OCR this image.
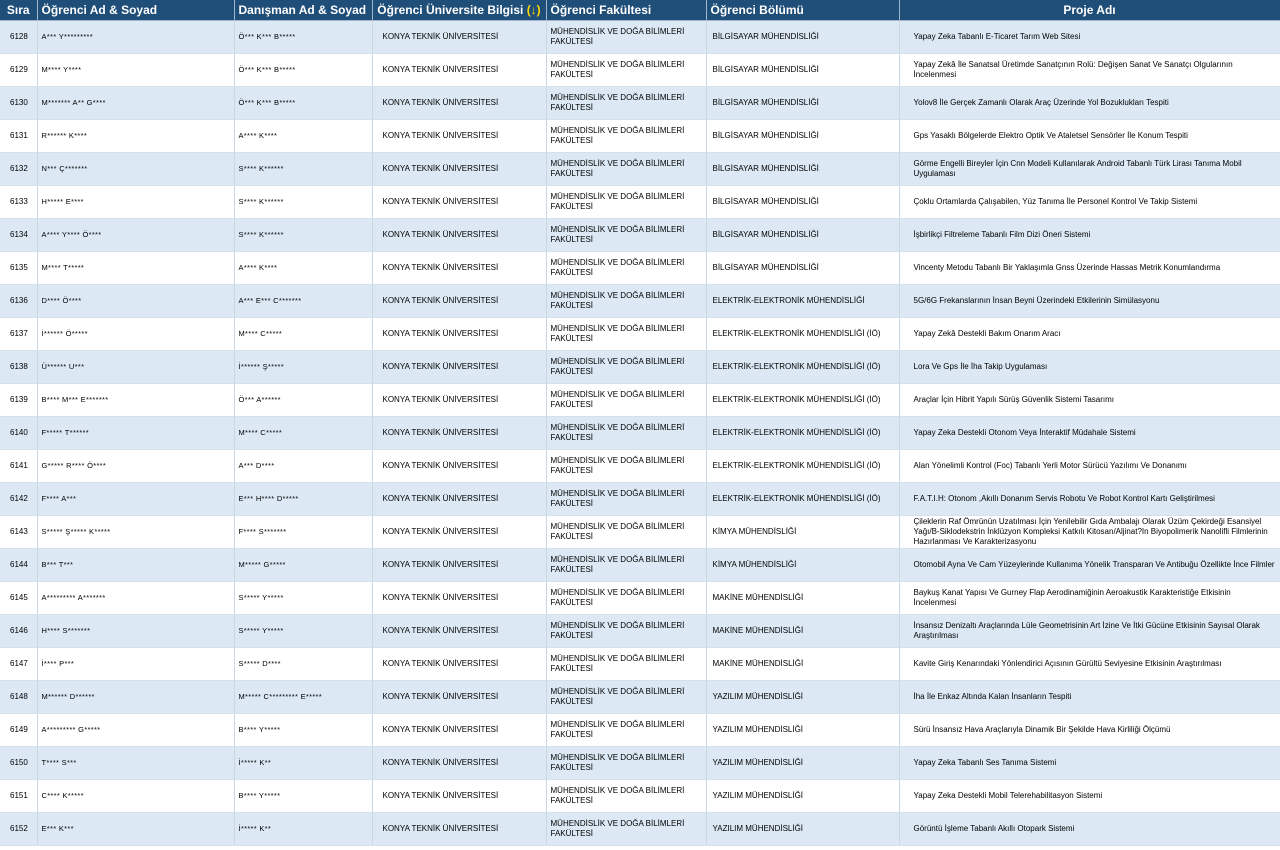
Sıra	Öğrenci Ad & Soyad	Danışman Ad & Soyad	Öğrenci Üniversite Bilgisi (↓)	Öğrenci Fakültesi	Öğrenci Bölümü	Proje Adı
6128	A*** Y*********	Ö*** K*** B*****	KONYA TEKNİK ÜNİVERSİTESİ	MÜHENDİSLİK VE DOĞA BİLİMLERİ FAKÜLTESİ	BİLGİSAYAR MÜHENDİSLİĞİ	Yapay Zeka Tabanlı E-Ticaret Tarım Web Sitesi
6129	M**** Y****	Ö*** K*** B*****	KONYA TEKNİK ÜNİVERSİTESİ	MÜHENDİSLİK VE DOĞA BİLİMLERİ FAKÜLTESİ	BİLGİSAYAR MÜHENDİSLİĞİ	Yapay Zekâ İle Sanatsal Üretimde Sanatçının Rolü: Değişen Sanat Ve Sanatçı Olgularının İncelenmesi
6130	M******* A** G****	Ö*** K*** B*****	KONYA TEKNİK ÜNİVERSİTESİ	MÜHENDİSLİK VE DOĞA BİLİMLERİ FAKÜLTESİ	BİLGİSAYAR MÜHENDİSLİĞİ	Yolov8 İle Gerçek Zamanlı Olarak Araç Üzerinde Yol Bozuklukları Tespiti
6131	R****** K****	A**** K****	KONYA TEKNİK ÜNİVERSİTESİ	MÜHENDİSLİK VE DOĞA BİLİMLERİ FAKÜLTESİ	BİLGİSAYAR MÜHENDİSLİĞİ	Gps Yasaklı Bölgelerde Elektro Optik Ve Ataletsel Sensörler İle Konum Tespiti
6132	N*** Ç*******	S**** K******	KONYA TEKNİK ÜNİVERSİTESİ	MÜHENDİSLİK VE DOĞA BİLİMLERİ FAKÜLTESİ	BİLGİSAYAR MÜHENDİSLİĞİ	Görme Engelli Bireyler İçin Cnn Modeli Kullanılarak Android Tabanlı Türk Lirası Tanıma Mobil Uygulaması
6133	H***** E****	S**** K******	KONYA TEKNİK ÜNİVERSİTESİ	MÜHENDİSLİK VE DOĞA BİLİMLERİ FAKÜLTESİ	BİLGİSAYAR MÜHENDİSLİĞİ	Çoklu Ortamlarda Çalışabilen, Yüz Tanıma İle Personel Kontrol Ve Takip Sistemi
6134	A**** Y**** Ö****	S**** K******	KONYA TEKNİK ÜNİVERSİTESİ	MÜHENDİSLİK VE DOĞA BİLİMLERİ FAKÜLTESİ	BİLGİSAYAR MÜHENDİSLİĞİ	İşbirlikçi Filtreleme Tabanlı Film Dizi Öneri Sistemi
6135	M**** T*****	A**** K****	KONYA TEKNİK ÜNİVERSİTESİ	MÜHENDİSLİK VE DOĞA BİLİMLERİ FAKÜLTESİ	BİLGİSAYAR MÜHENDİSLİĞİ	Vincenty Metodu Tabanlı Bir Yaklaşımla Gnss Üzerinde Hassas Metrik Konumlandırma
6136	D**** Ö****	A*** E*** C*******	KONYA TEKNİK ÜNİVERSİTESİ	MÜHENDİSLİK VE DOĞA BİLİMLERİ FAKÜLTESİ	ELEKTRİK-ELEKTRONİK MÜHENDİSLİĞİ	5G/6G Frekanslarının İnsan Beyni Üzerindeki Etkilerinin Simülasyonu
6137	İ****** Ö*****	M**** C*****	KONYA TEKNİK ÜNİVERSİTESİ	MÜHENDİSLİK VE DOĞA BİLİMLERİ FAKÜLTESİ	ELEKTRİK-ELEKTRONİK MÜHENDİSLİĞİ (İÖ)	Yapay Zekâ Destekli Bakım Onarım Aracı
6138	Ü****** U***	İ****** Ş*****	KONYA TEKNİK ÜNİVERSİTESİ	MÜHENDİSLİK VE DOĞA BİLİMLERİ FAKÜLTESİ	ELEKTRİK-ELEKTRONİK MÜHENDİSLİĞİ (İÖ)	Lora Ve Gps İle İha Takip Uygulaması
6139	B**** M*** E*******	Ö*** A******	KONYA TEKNİK ÜNİVERSİTESİ	MÜHENDİSLİK VE DOĞA BİLİMLERİ FAKÜLTESİ	ELEKTRİK-ELEKTRONİK MÜHENDİSLİĞİ (İÖ)	Araçlar İçin Hibrit Yapılı Sürüş Güvenlik Sistemi Tasarımı
6140	F***** T******	M**** C*****	KONYA TEKNİK ÜNİVERSİTESİ	MÜHENDİSLİK VE DOĞA BİLİMLERİ FAKÜLTESİ	ELEKTRİK-ELEKTRONİK MÜHENDİSLİĞİ (İÖ)	Yapay Zeka Destekli Otonom Veya İnteraktif Müdahale Sistemi
6141	G***** R**** Ö****	A*** D****	KONYA TEKNİK ÜNİVERSİTESİ	MÜHENDİSLİK VE DOĞA BİLİMLERİ FAKÜLTESİ	ELEKTRİK-ELEKTRONİK MÜHENDİSLİĞİ (İÖ)	Alan Yönelimli Kontrol (Foc) Tabanlı Yerli Motor Sürücü Yazılımı Ve Donanımı
6142	F**** A***	E*** H**** D*****	KONYA TEKNİK ÜNİVERSİTESİ	MÜHENDİSLİK VE DOĞA BİLİMLERİ FAKÜLTESİ	ELEKTRİK-ELEKTRONİK MÜHENDİSLİĞİ (İÖ)	F.A.T.I.H: Otonom ,Akıllı Donanım Servis Robotu Ve Robot Kontrol Kartı Geliştirilmesi
6143	S***** Ş***** K*****	F**** S*******	KONYA TEKNİK ÜNİVERSİTESİ	MÜHENDİSLİK VE DOĞA BİLİMLERİ FAKÜLTESİ	KİMYA MÜHENDİSLİĞİ	Çileklerin Raf Ömrünün Uzatılması İçin Yenilebilir Gıda Ambalajı Olarak Üzüm Çekirdeği Esansiyel Yağı/Β-Siklodekstrin İnklüzyon Kompleksi Katkılı Kitosan/Aljinat?In Biyopolimerik Nanolifli Filmlerinin Hazırlanması Ve Karakterizasyonu
6144	B*** T***	M***** G*****	KONYA TEKNİK ÜNİVERSİTESİ	MÜHENDİSLİK VE DOĞA BİLİMLERİ FAKÜLTESİ	KİMYA MÜHENDİSLİĞİ	Otomobil Ayna Ve Cam Yüzeylerinde Kullanıma Yönelik Transparan Ve Antibuğu Özellikte İnce Filmler
6145	A********* A*******	S***** Y*****	KONYA TEKNİK ÜNİVERSİTESİ	MÜHENDİSLİK VE DOĞA BİLİMLERİ FAKÜLTESİ	MAKİNE MÜHENDİSLİĞİ	Baykuş Kanat Yapısı Ve Gurney Flap Aerodinamiğinin Aeroakustik Karakteristiğe Etkisinin İncelenmesi
6146	H**** S*******	S***** Y*****	KONYA TEKNİK ÜNİVERSİTESİ	MÜHENDİSLİK VE DOĞA BİLİMLERİ FAKÜLTESİ	MAKİNE MÜHENDİSLİĞİ	İnsansız Denizaltı Araçlarında Lüle Geometrisinin Art İzine Ve İtki Gücüne Etkisinin Sayısal Olarak Araştırılması
6147	İ**** P***	S***** D****	KONYA TEKNİK ÜNİVERSİTESİ	MÜHENDİSLİK VE DOĞA BİLİMLERİ FAKÜLTESİ	MAKİNE MÜHENDİSLİĞİ	Kavite Giriş Kenarındaki Yönlendirici Açısının Gürültü Seviyesine Etkisinin Araştırılması
6148	M****** D******	M***** C********* E*****	KONYA TEKNİK ÜNİVERSİTESİ	MÜHENDİSLİK VE DOĞA BİLİMLERİ FAKÜLTESİ	YAZILIM MÜHENDİSLİĞİ	İha İle Enkaz Altında Kalan İnsanların Tespiti
6149	A********* G*****	B**** Y*****	KONYA TEKNİK ÜNİVERSİTESİ	MÜHENDİSLİK VE DOĞA BİLİMLERİ FAKÜLTESİ	YAZILIM MÜHENDİSLİĞİ	Sürü İnsansız Hava Araçlarıyla Dinamik Bir Şekilde Hava Kirliliği Ölçümü
6150	T**** S***	İ***** K**	KONYA TEKNİK ÜNİVERSİTESİ	MÜHENDİSLİK VE DOĞA BİLİMLERİ FAKÜLTESİ	YAZILIM MÜHENDİSLİĞİ	Yapay Zeka Tabanlı Ses Tanıma Sistemi
6151	C**** K*****	B**** Y*****	KONYA TEKNİK ÜNİVERSİTESİ	MÜHENDİSLİK VE DOĞA BİLİMLERİ FAKÜLTESİ	YAZILIM MÜHENDİSLİĞİ	Yapay Zeka Destekli Mobil Telerehabilitasyon Sistemi
6152	E*** K***	İ***** K**	KONYA TEKNİK ÜNİVERSİTESİ	MÜHENDİSLİK VE DOĞA BİLİMLERİ FAKÜLTESİ	YAZILIM MÜHENDİSLİĞİ	Görüntü İşleme Tabanlı Akıllı Otopark Sistemi
